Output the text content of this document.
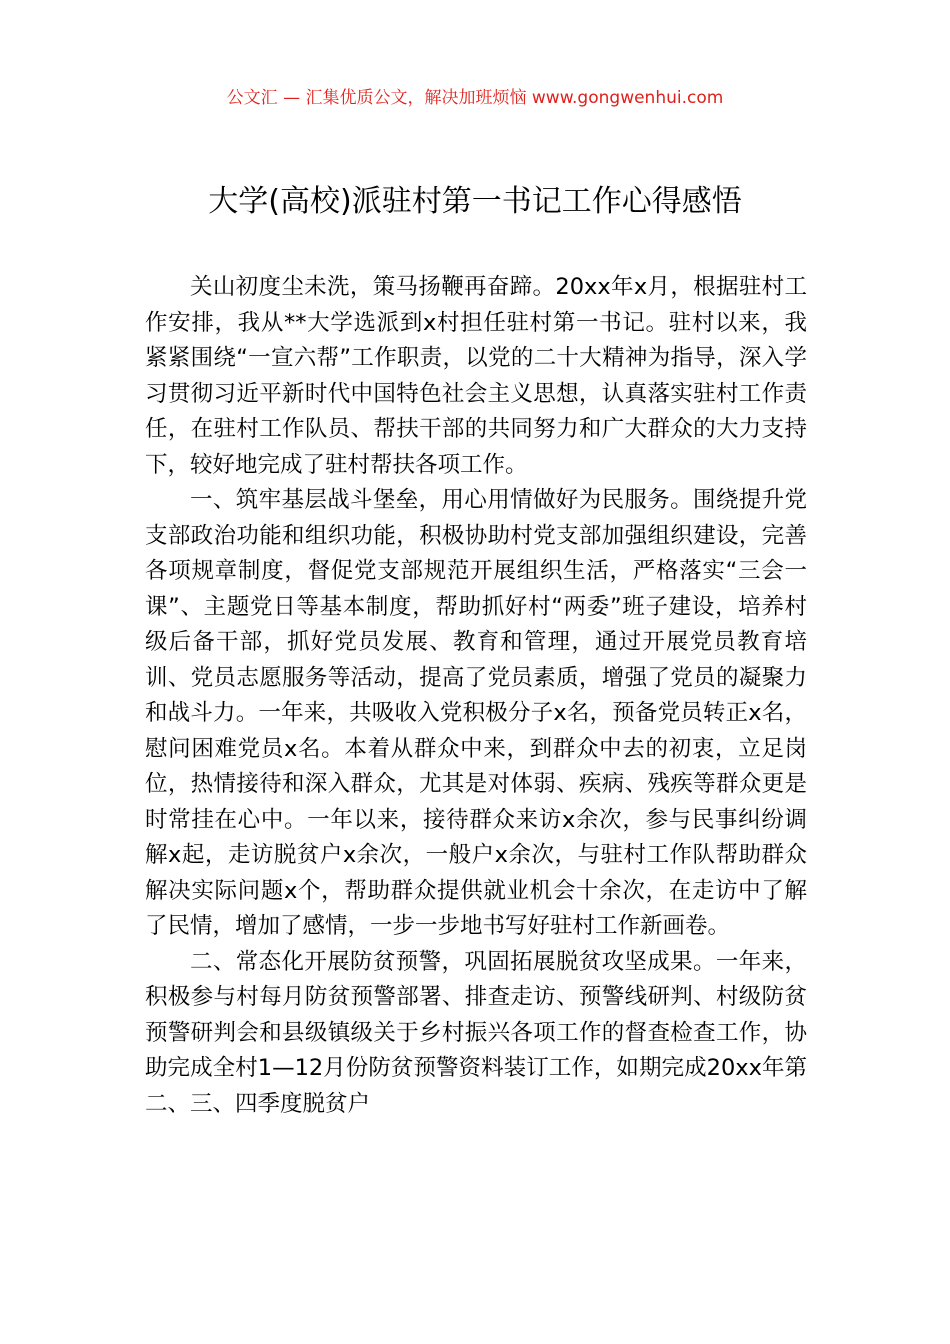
公文汇 — 汇集优质公文，解决加班烦恼 www.gongwenhui.com
大学(高校)派驻村第一书记工作心得感悟

关山初度尘未洗，策马扬鞭再奋蹄。20xx年x月，根据驻村工作安排，我从**大学选派到x村担任驻村第一书记。驻村以来，我紧紧围绕“一宣六帮”工作职责，以党的二十大精神为指导，深入学习贯彻习近平新时代中国特色社会主义思想，认真落实驻村工作责任，在驻村工作队员、帮扶干部的共同努力和广大群众的大力支持下，较好地完成了驻村帮扶各项工作。

一、筑牢基层战斗堡垒，用心用情做好为民服务。围绕提升党支部政治功能和组织功能，积极协助村党支部加强组织建设，完善各项规章制度，督促党支部规范开展组织生活，严格落实“三会一课”、主题党日等基本制度，帮助抓好村“两委”班子建设，培养村级后备干部，抓好党员发展、教育和管理，通过开展党员教育培训、党员志愿服务等活动，提高了党员素质，增强了党员的凝聚力和战斗力。一年来，共吸收入党积极分子x名，预备党员转正x名，慰问困难党员x名。本着从群众中来，到群众中去的初衷，立足岗位，热情接待和深入群众，尤其是对体弱、疾病、残疾等群众更是时常挂在心中。一年以来，接待群众来访x余次，参与民事纠纷调解x起，走访脱贫户x余次，一般户x余次，与驻村工作队帮助群众解决实际问题x个，帮助群众提供就业机会十余次，在走访中了解了民情，增加了感情，一步一步地书写好驻村工作新画卷。

二、常态化开展防贫预警，巩固拓展脱贫攻坚成果。一年来，积极参与村每月防贫预警部署、排查走访、预警线研判、村级防贫预警研判会和县级镇级关于乡村振兴各项工作的督查检查工作，协助完成全村1—12月份防贫预警资料装订工作，如期完成20xx年第二、三、四季度脱贫户
